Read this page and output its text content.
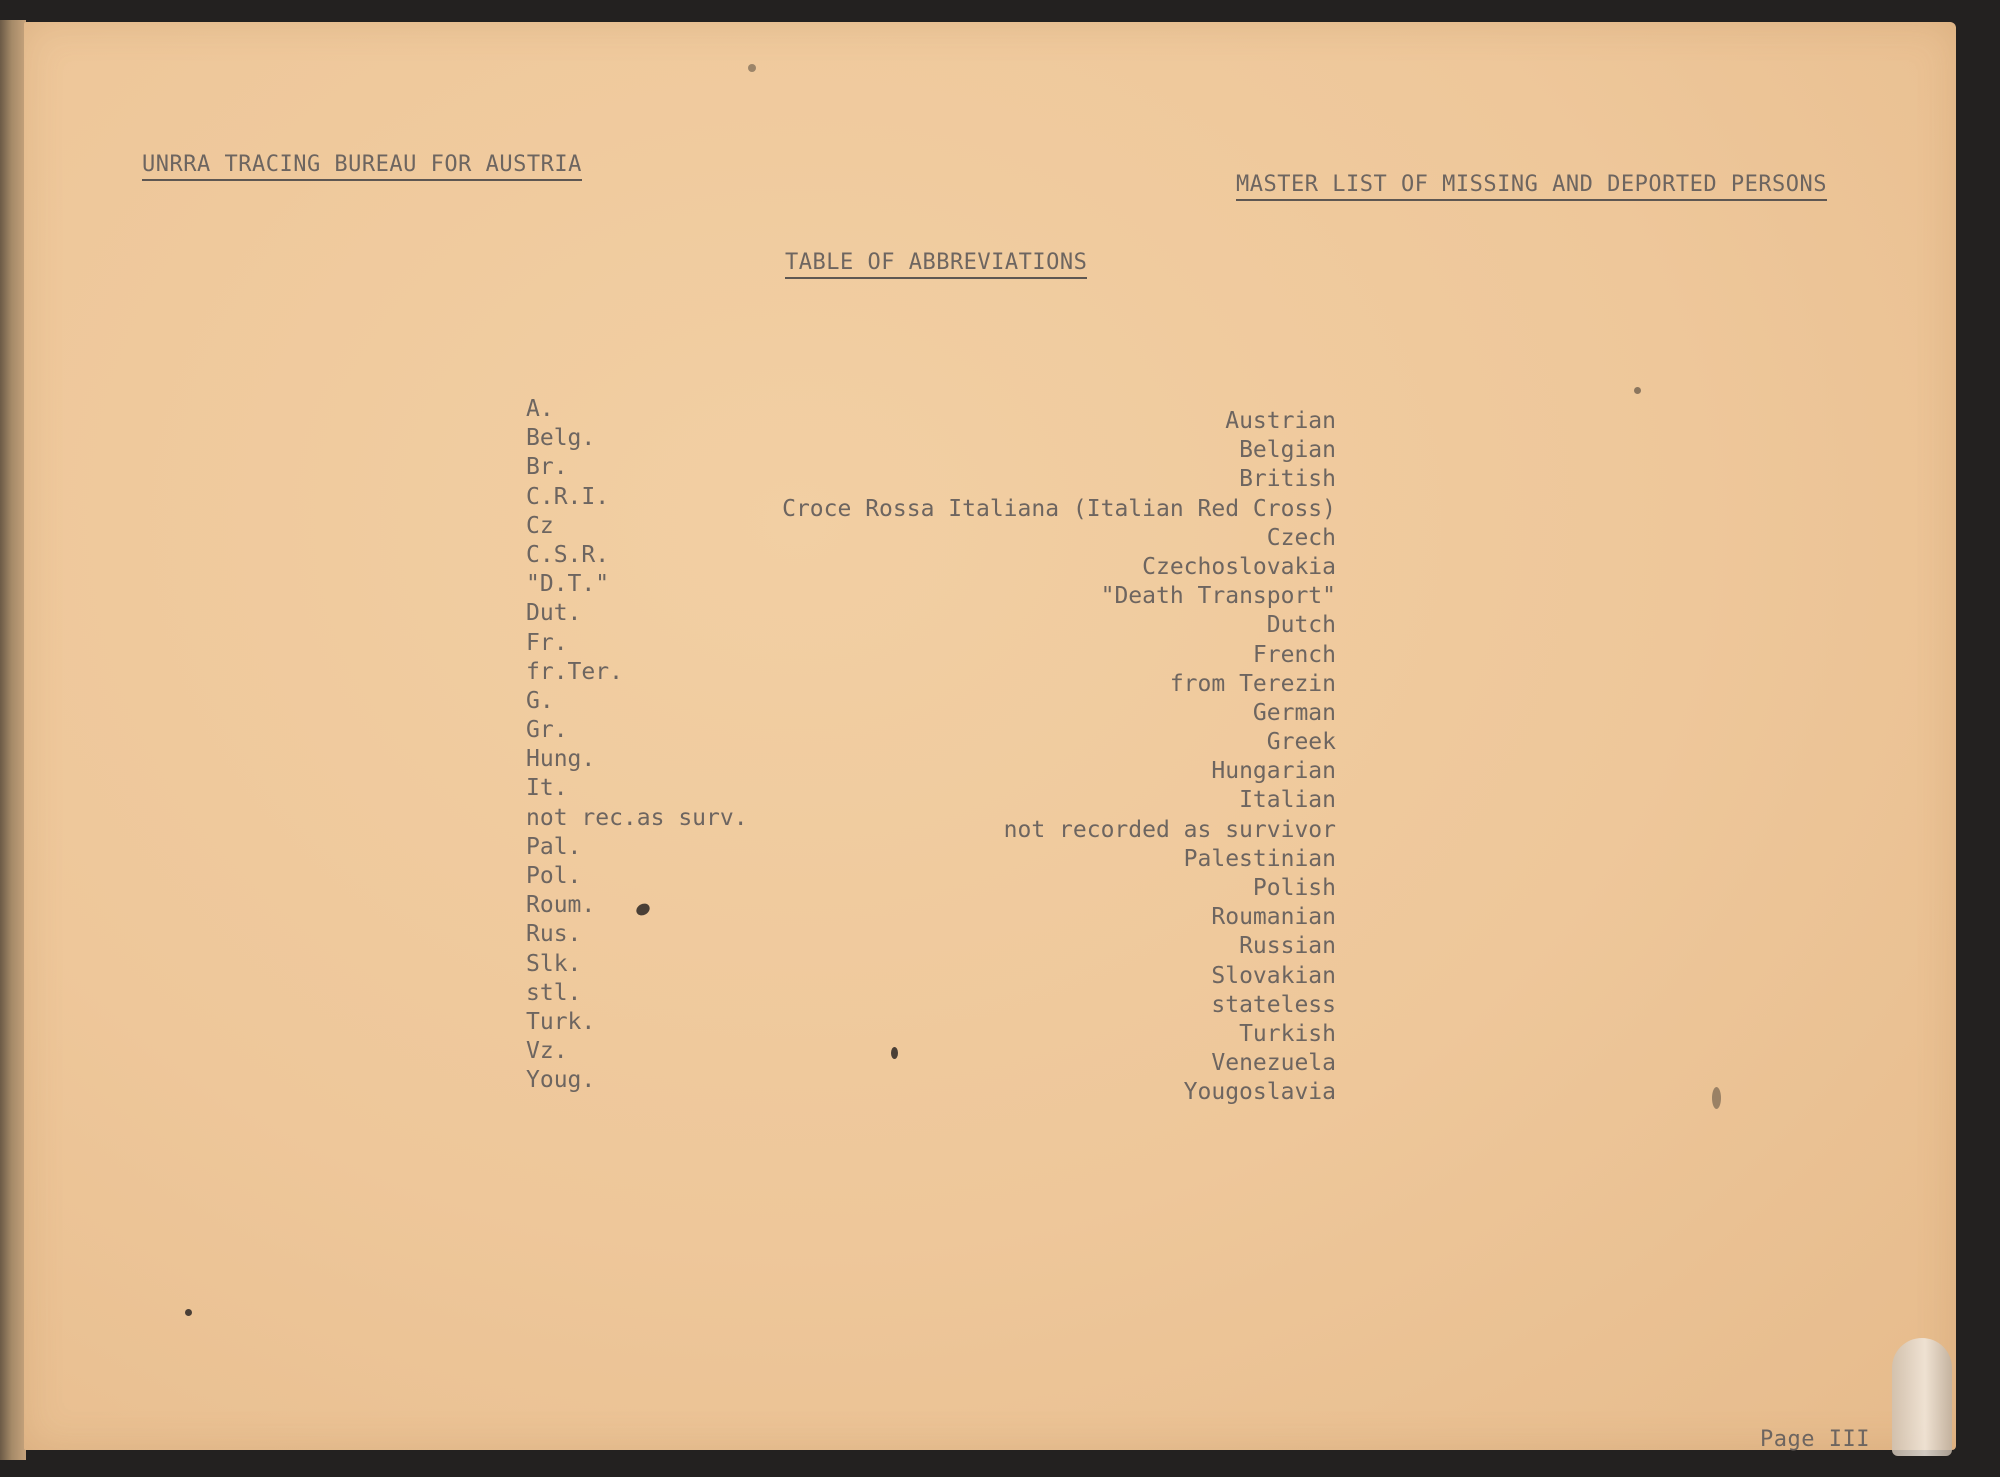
UNRRA TRACING BUREAU FOR AUSTRIA
MASTER LIST OF MISSING AND DEPORTED PERSONS
TABLE OF ABBREVIATIONS
A.	Austrian
Belg.	Belgian
Br.	British
C.R.I.	Croce Rossa Italiana (Italian Red Cross)
Cz	Czech
C.S.R.	Czechoslovakia
"D.T."	"Death Transport"
Dut.	Dutch
Fr.	French
fr.Ter.	from Terezin
G.	German
Gr.	Greek
Hung.	Hungarian
It.	Italian
not rec.as surv.	not recorded as survivor
Pal.	Palestinian
Pol.	Polish
Roum.	Roumanian
Rus.	Russian
Slk.	Slovakian
stl.	stateless
Turk.	Turkish
Vz.	Venezuela
Youg.	Yougoslavia
Page III
